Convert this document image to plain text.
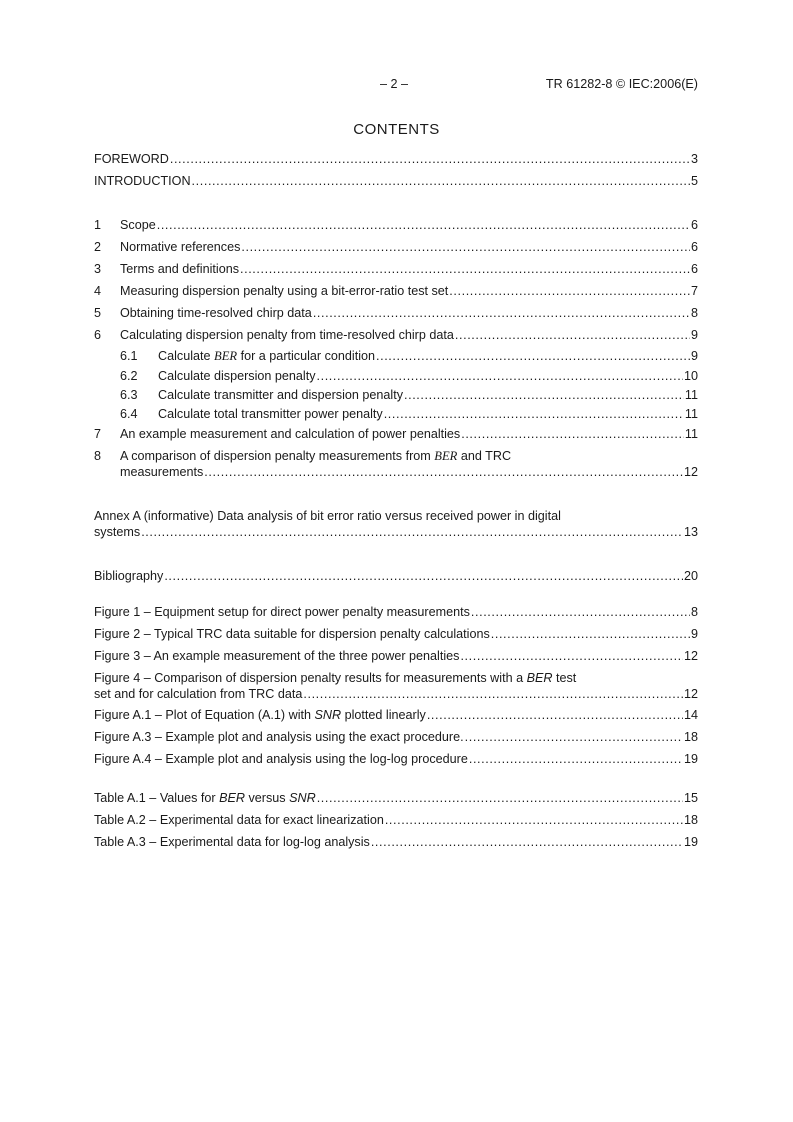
– 2 –	TR 61282-8 © IEC:2006(E)
CONTENTS
FOREWORD .....	3
INTRODUCTION .....	5
1	Scope .....	6
2	Normative references .....	6
3	Terms and definitions .....	6
4	Measuring dispersion penalty using a bit-error-ratio test set .....	7
5	Obtaining time-resolved chirp data .....	8
6	Calculating dispersion penalty from time-resolved chirp data .....	9
6.1	Calculate BER for a particular condition .....	9
6.2	Calculate dispersion penalty .....	10
6.3	Calculate transmitter and dispersion penalty .....	11
6.4	Calculate total transmitter power penalty .....	11
7	An example measurement and calculation of power penalties .....	11
8	A comparison of dispersion penalty measurements from BER and TRC
measurements .....	12
Annex A (informative) Data analysis of bit error ratio versus received power in digital
systems .....	13
Bibliography .....	20
Figure 1 – Equipment setup for direct power penalty measurements .....	8
Figure 2 – Typical TRC data suitable for dispersion penalty calculations .....	9
Figure 3 – An example measurement of the three power penalties .....	12
Figure 4 – Comparison of dispersion penalty results for measurements with a BER test
set and for calculation from TRC data .....	12
Figure A.1 – Plot of Equation (A.1) with SNR plotted linearly .....	14
Figure A.3 – Example plot and analysis using the exact procedure. .....	18
Figure A.4 – Example plot and analysis using the log-log procedure .....	19
Table A.1 – Values for BER versus SNR .....	15
Table A.2 – Experimental data for exact linearization .....	18
Table A.3 – Experimental data for log-log analysis .....	19
